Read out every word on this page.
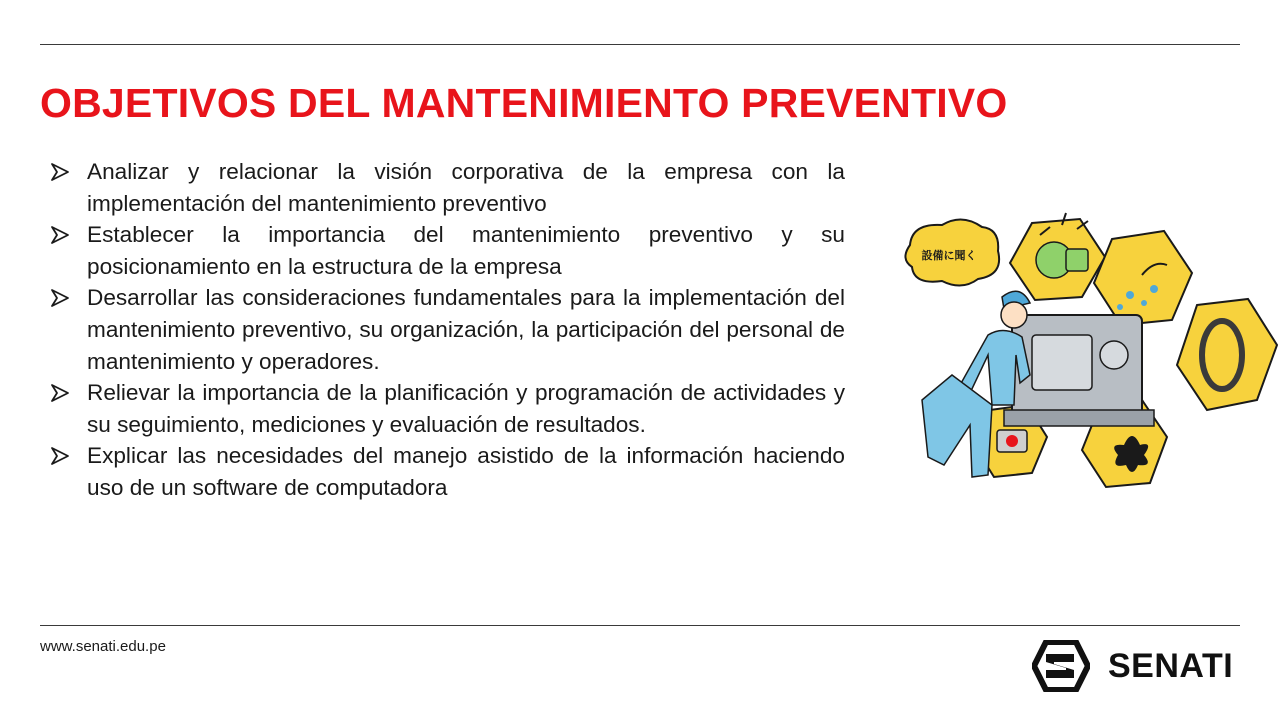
OBJETIVOS DEL MANTENIMIENTO PREVENTIVO
Analizar y relacionar la visión corporativa de la empresa con la implementación del mantenimiento preventivo
Establecer la importancia del mantenimiento preventivo y su posicionamiento en la estructura de la empresa
Desarrollar las consideraciones fundamentales para la implementación del mantenimiento preventivo, su organización, la participación del personal de mantenimiento y operadores.
Relievar la importancia de la planificación y programación de actividades y su seguimiento, mediciones y evaluación de resultados.
Explicar las necesidades del manejo asistido de la información haciendo uso de un software de computadora
設備に聞く

www.senati.edu.pe

SENATI
